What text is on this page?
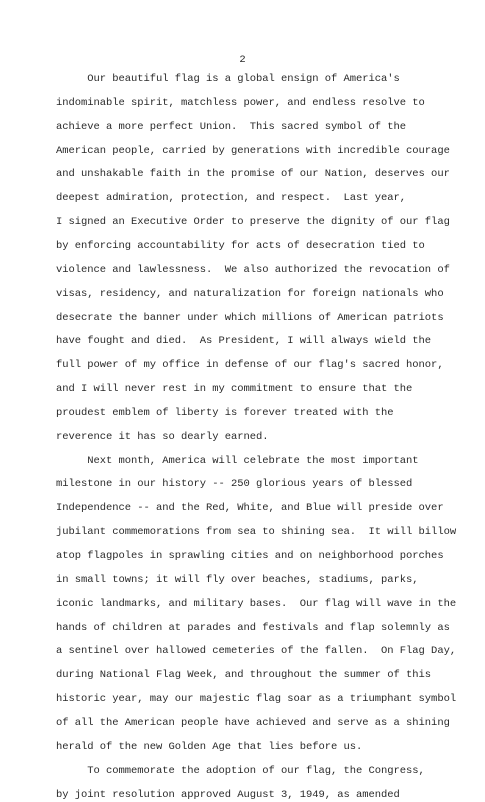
2
Our beautiful flag is a global ensign of America's
indominable spirit, matchless power, and endless resolve to
achieve a more perfect Union.  This sacred symbol of the
American people, carried by generations with incredible courage
and unshakable faith in the promise of our Nation, deserves our
deepest admiration, protection, and respect.  Last year,
I signed an Executive Order to preserve the dignity of our flag
by enforcing accountability for acts of desecration tied to
violence and lawlessness.  We also authorized the revocation of
visas, residency, and naturalization for foreign nationals who
desecrate the banner under which millions of American patriots
have fought and died.  As President, I will always wield the
full power of my office in defense of our flag's sacred honor,
and I will never rest in my commitment to ensure that the
proudest emblem of liberty is forever treated with the
reverence it has so dearly earned.
Next month, America will celebrate the most important
milestone in our history -- 250 glorious years of blessed
Independence -- and the Red, White, and Blue will preside over
jubilant commemorations from sea to shining sea.  It will billow
atop flagpoles in sprawling cities and on neighborhood porches
in small towns; it will fly over beaches, stadiums, parks,
iconic landmarks, and military bases.  Our flag will wave in the
hands of children at parades and festivals and flap solemnly as
a sentinel over hallowed cemeteries of the fallen.  On Flag Day,
during National Flag Week, and throughout the summer of this
historic year, may our majestic flag soar as a triumphant symbol
of all the American people have achieved and serve as a shining
herald of the new Golden Age that lies before us.
To commemorate the adoption of our flag, the Congress,
by joint resolution approved August 3, 1949, as amended
